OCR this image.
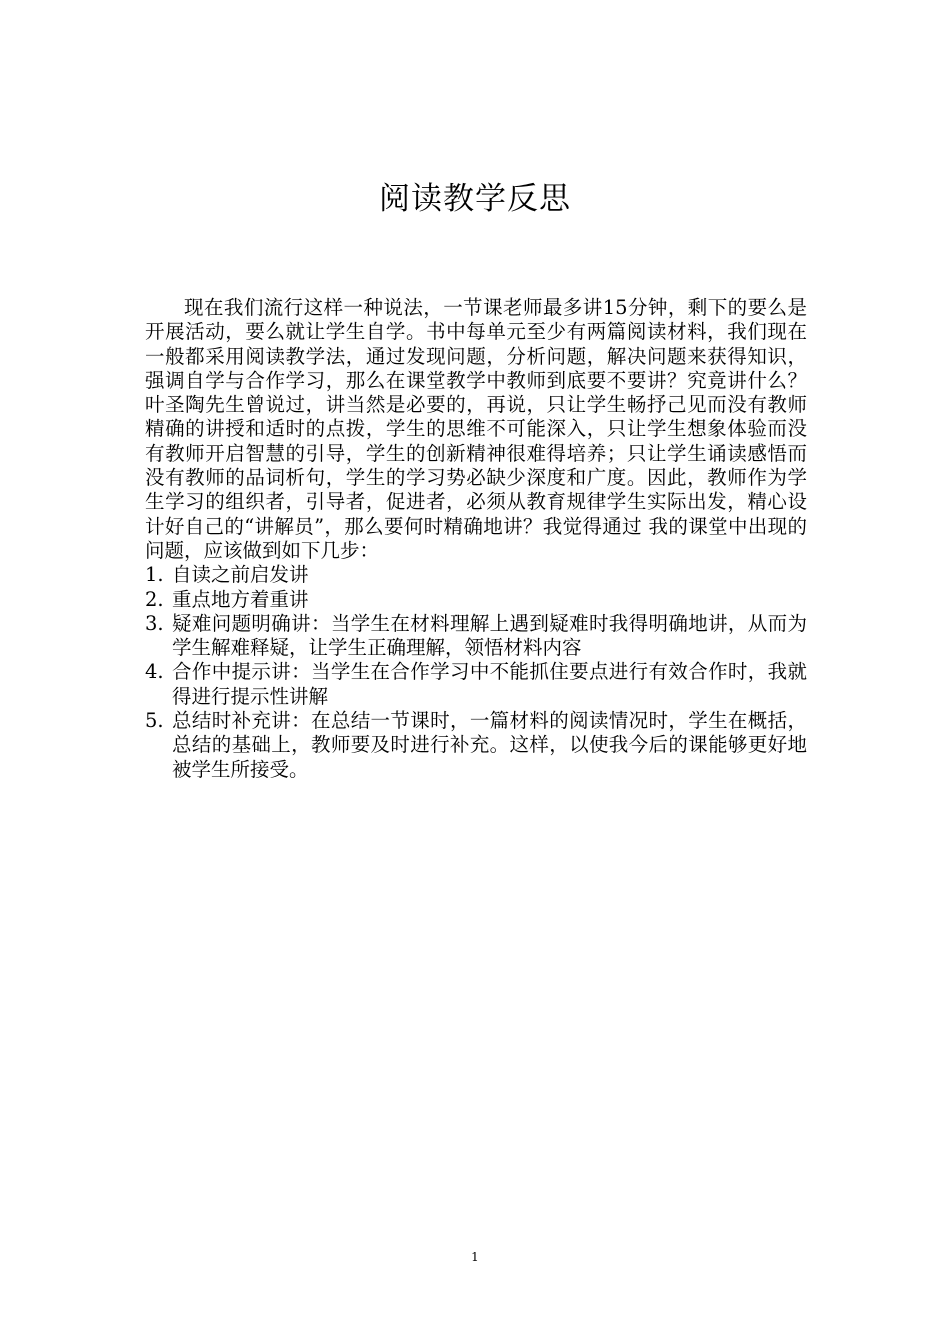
阅读教学反思

现在我们流行这样一种说法，一节课老师最多讲15分钟，剩下的要么是开展活动，要么就让学生自学。书中每单元至少有两篇阅读材料，我们现在一般都采用阅读教学法，通过发现问题，分析问题，解决问题来获得知识，强调自学与合作学习，那么在课堂教学中教师到底要不要讲？究竟讲什么？叶圣陶先生曾说过，讲当然是必要的，再说，只让学生畅抒己见而没有教师精确的讲授和适时的点拨，学生的思维不可能深入，只让学生想象体验而没有教师开启智慧的引导，学生的创新精神很难得培养；只让学生诵读感悟而没有教师的品词析句，学生的学习势必缺少深度和广度。因此，教师作为学生学习的组织者，引导者，促进者，必须从教育规律学生实际出发，精心设计好自己的“讲解员”，那么要何时精确地讲？我觉得通过 我的课堂中出现的问题，应该做到如下几步：

1. 自读之前启发讲
2. 重点地方着重讲
3. 疑难问题明确讲：当学生在材料理解上遇到疑难时我得明确地讲，从而为学生解难释疑，让学生正确理解，领悟材料内容
4. 合作中提示讲：当学生在合作学习中不能抓住要点进行有效合作时，我就得进行提示性讲解
5. 总结时补充讲：在总结一节课时，一篇材料的阅读情况时，学生在概括，总结的基础上，教师要及时进行补充。这样，以使我今后的课能够更好地被学生所接受。
1
